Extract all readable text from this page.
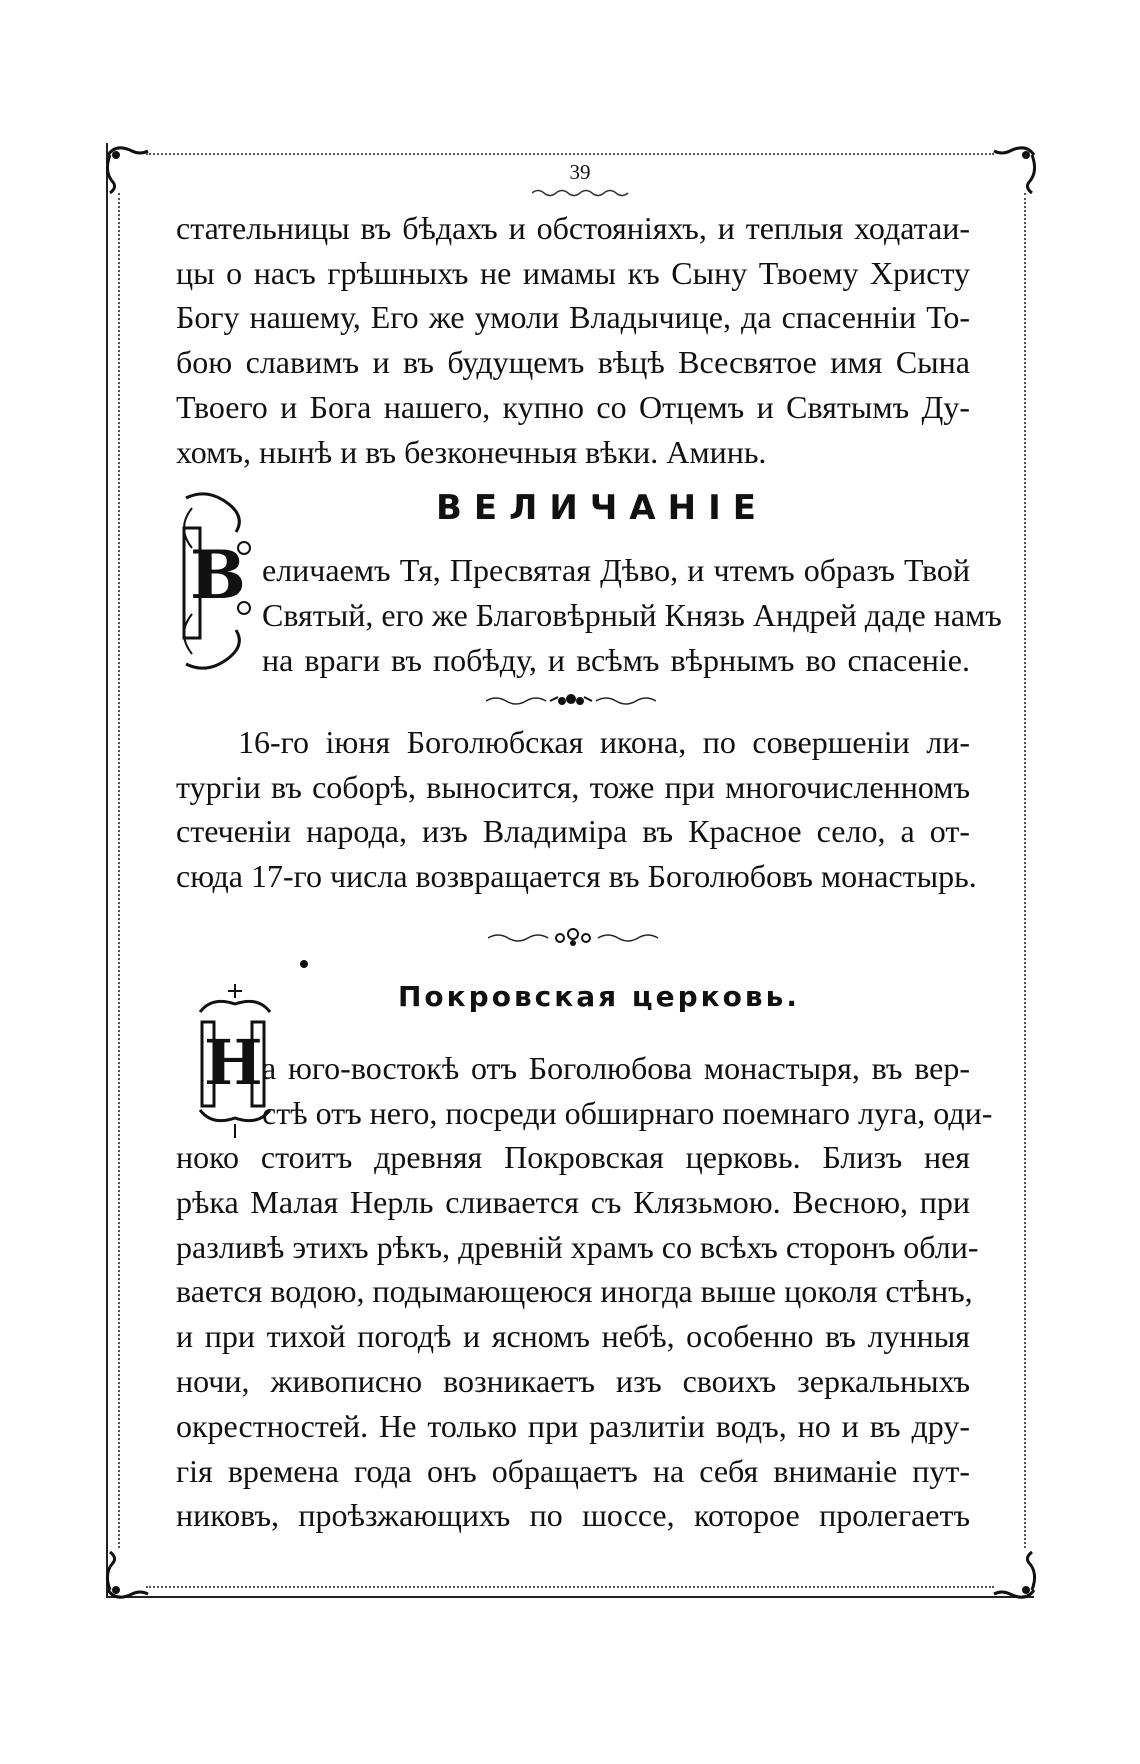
39
стательницы въ бѣдахъ и обстояніяхъ, и теплыя ходатаи-
цы о насъ грѣшныхъ не имамы къ Сыну Твоему Христу
Богу нашему, Его же умоли Владычице, да спасенніи То-
бою славимъ и въ будущемъ вѣцѣ Всесвятое имя Сына
Твоего и Бога нашего, купно со Отцемъ и Святымъ Ду-
хомъ, нынѣ и въ безконечныя вѣки. Аминь.
ВЕЛИЧАНІЕ
В еличаемъ Тя, Пресвятая Дѣво, и чтемъ образъ Твой
Святый, его же Благовѣрный Князь Андрей даде намъ
на враги въ побѣду, и всѣмъ вѣрнымъ во спасеніе.
16-го іюня Боголюбская икона, по совершеніи ли-
тургіи въ соборѣ, выносится, тоже при многочисленномъ
стеченіи народа, изъ Владиміра въ Красное село, а от-
сюда 17-го числа возвращается въ Боголюбовъ монастырь.
Покровская церковь.
Н а юго-востокѣ отъ Боголюбова монастыря, въ вер-
стѣ отъ него, посреди обширнаго поемнаго луга, оди-
ноко стоитъ древняя Покровская церковь. Близъ нея
рѣка Малая Нерль сливается съ Клязьмою. Весною, при
разливѣ этихъ рѣкъ, древній храмъ со всѣхъ сторонъ обли-
вается водою, подымающеюся иногда выше цоколя стѣнъ,
и при тихой погодѣ и ясномъ небѣ, особенно въ лунныя
ночи, живописно возникаетъ изъ своихъ зеркальныхъ
окрестностей. Не только при разлитіи водъ, но и въ дру-
гія времена года онъ обращаетъ на себя вниманіе пут-
никовъ, проѣзжающихъ по шоссе, которое пролегаетъ
